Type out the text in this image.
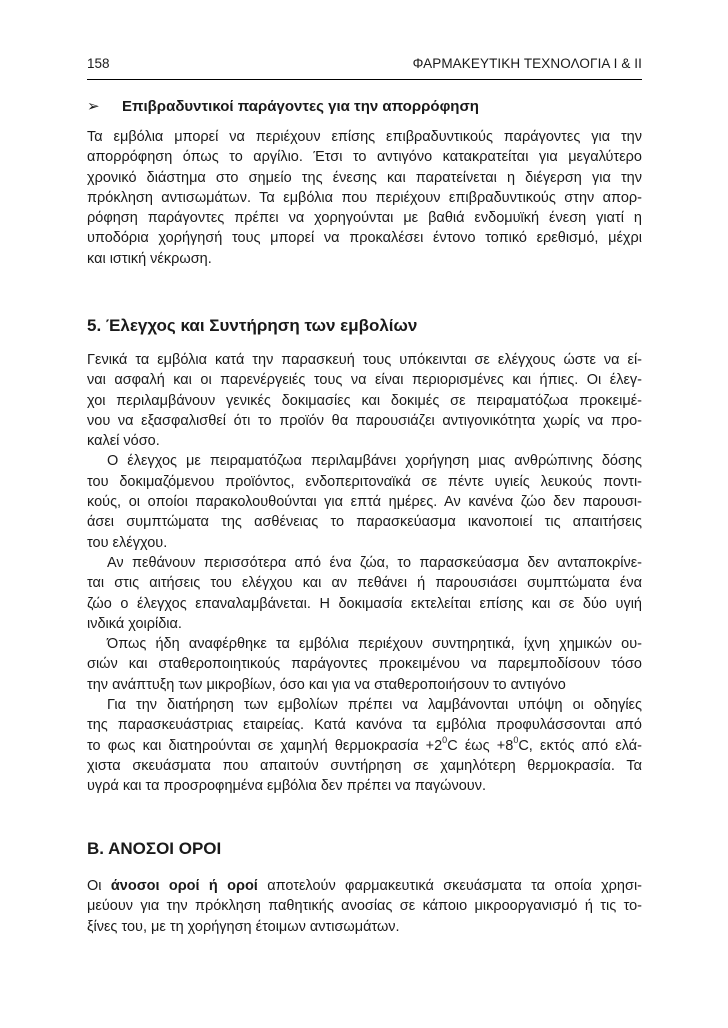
158	ΦΑΡΜΑΚΕΥΤΙΚΗ ΤΕΧΝΟΛΟΓΙΑ Ι & ΙΙ
➢ Επιβραδυντικοί παράγοντες για την απορρόφηση
Τα εμβόλια μπορεί να περιέχουν επίσης επιβραδυντικούς παράγοντες για την
απορρόφηση όπως το αργίλιο. Έτσι το αντιγόνο κατακρατείται για μεγαλύτερο
χρονικό διάστημα στο σημείο της ένεσης και παρατείνεται η διέγερση για την
πρόκληση αντισωμάτων. Τα εμβόλια που περιέχουν επιβραδυντικούς στην απορ-
ρόφηση παράγοντες πρέπει να χορηγούνται με βαθιά ενδομυϊκή ένεση γιατί η
υποδόρια χορήγησή τους μπορεί να προκαλέσει έντονο τοπικό ερεθισμό, μέχρι
και ιστική νέκρωση.
5. Έλεγχος και Συντήρηση των εμβολίων
Γενικά τα εμβόλια κατά την παρασκευή τους υπόκεινται σε ελέγχους ώστε να εί-
ναι ασφαλή και οι παρενέργειές τους να είναι περιορισμένες και ήπιες. Οι έλεγ-
χοι περιλαμβάνουν γενικές δοκιμασίες και δοκιμές σε πειραματόζωα προκειμέ-
νου να εξασφαλισθεί ότι το προϊόν θα παρουσιάζει αντιγονικότητα χωρίς να προ-
καλεί νόσο.
Ο έλεγχος με πειραματόζωα περιλαμβάνει χορήγηση μιας ανθρώπινης δόσης
του δοκιμαζόμενου προϊόντος, ενδοπεριτοναϊκά σε πέντε υγιείς λευκούς ποντι-
κούς, οι οποίοι παρακολουθούνται για επτά ημέρες. Αν κανένα ζώο δεν παρουσι-
άσει συμπτώματα της ασθένειας το παρασκεύασμα ικανοποιεί τις απαιτήσεις
του ελέγχου.
Αν πεθάνουν περισσότερα από ένα ζώα, το παρασκεύασμα δεν ανταποκρίνε-
ται στις αιτήσεις του ελέγχου και αν πεθάνει ή παρουσιάσει συμπτώματα ένα
ζώο ο έλεγχος επαναλαμβάνεται. Η δοκιμασία εκτελείται επίσης και σε δύο υγιή
ινδικά χοιρίδια.
Όπως ήδη αναφέρθηκε τα εμβόλια περιέχουν συντηρητικά, ίχνη χημικών ου-
σιών και σταθεροποιητικούς παράγοντες προκειμένου να παρεμποδίσουν τόσο
την ανάπτυξη των μικροβίων, όσο και για να σταθεροποιήσουν το αντιγόνο
Για την διατήρηση των εμβολίων πρέπει να λαμβάνονται υπόψη οι οδηγίες
της παρασκευάστριας εταιρείας. Κατά κανόνα τα εμβόλια προφυλάσσονται από
το φως και διατηρούνται σε χαμηλή $\theta\varepsilon\rho\mu o\kappa\rho\alpha\sigma ί\alpha +2^0C$ $έ\omega\varsigma +8^0C$, εκτός από ελά-
χιστα σκευάσματα που απαιτούν συντήρηση σε χαμηλότερη θερμοκρασία. Τα
υγρά και τα προσροφημένα εμβόλια δεν πρέπει να παγώνουν.
Β. ΑΝΟΣΟΙ ΟΡΟΙ
Οι άνοσοι οροί ή οροί αποτελούν φαρμακευτικά σκευάσματα τα οποία χρησι-
μεύουν για την πρόκληση παθητικής ανοσίας σε κάποιο μικροοργανισμό ή τις το-
ξίνες του, με τη χορήγηση έτοιμων αντισωμάτων.
